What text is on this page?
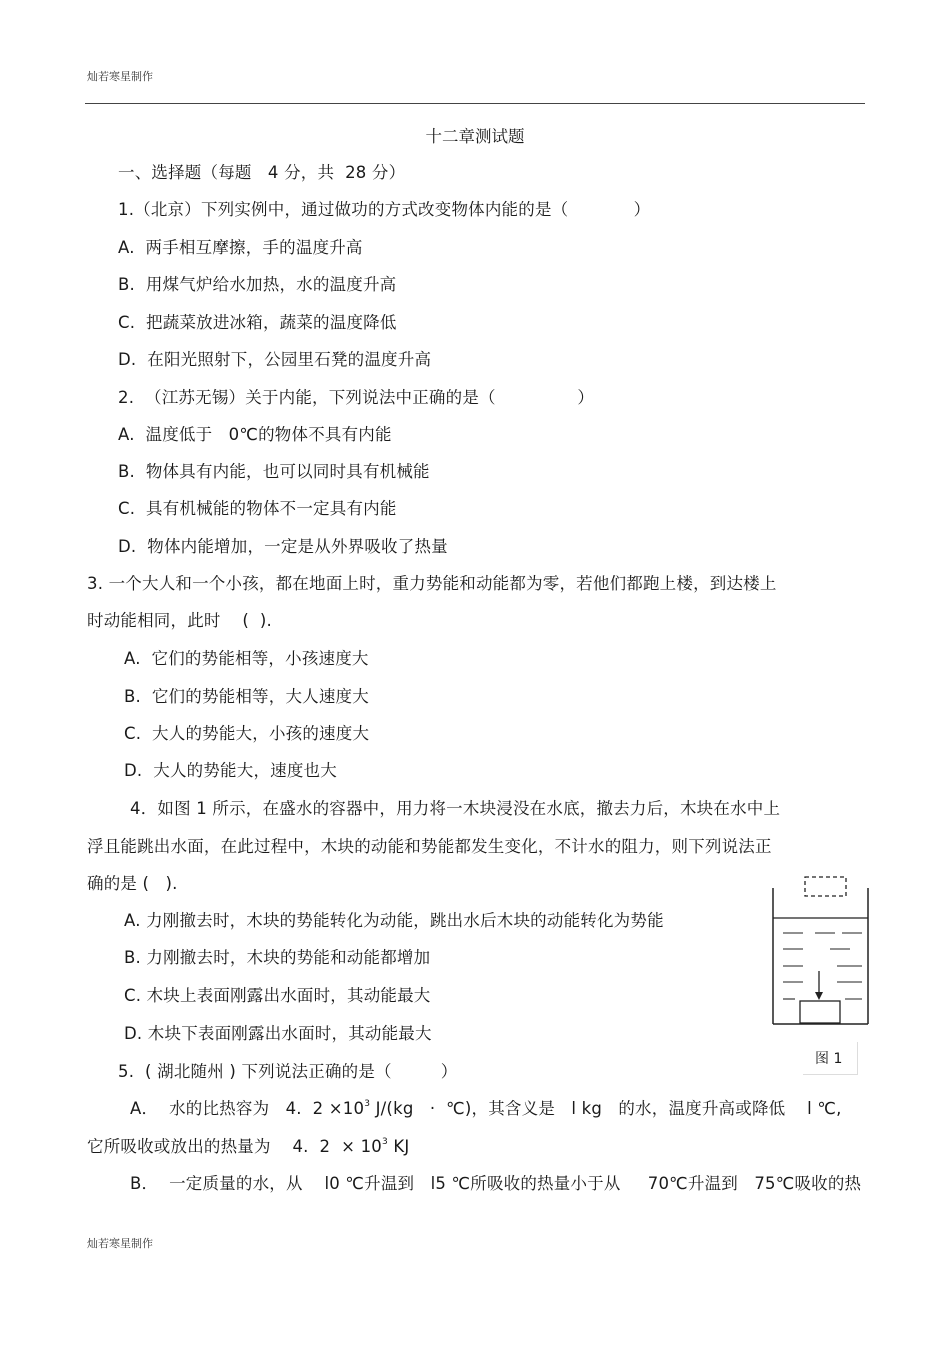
灿若寒星制作
十二章测试题
一、选择题（每题   4 分，共  28 分）
1.（北京）下列实例中，通过做功的方式改变物体内能的是（            ）
A.  两手相互摩擦，手的温度升高
B.  用煤气炉给水加热，水的温度升高
C.  把蔬菜放进冰箱，蔬菜的温度降低
D.  在阳光照射下，公园里石凳的温度升高
2.  （江苏无锡）关于内能，下列说法中正确的是（               ）
A.  温度低于   0℃的物体不具有内能
B.  物体具有内能，也可以同时具有机械能
C.  具有机械能的物体不一定具有内能
D.  物体内能增加，一定是从外界吸收了热量
3. 一个大人和一个小孩，都在地面上时，重力势能和动能都为零，若他们都跑上楼，到达楼上
时动能相同，此时    (  ).
A.  它们的势能相等，小孩速度大
B.  它们的势能相等，大人速度大
C.  大人的势能大，小孩的速度大
D.  大人的势能大，速度也大
4．如图 1 所示，在盛水的容器中，用力将一木块浸没在水底，撤去力后，木块在水中上
浮且能跳出水面，在此过程中，木块的动能和势能都发生变化，不计水的阻力，则下列说法正
确的是 (   ).
A. 力刚撤去时，木块的势能转化为动能，跳出水后木块的动能转化为势能
B. 力刚撤去时，木块的势能和动能都增加
C. 木块上表面刚露出水面时，其动能最大
D. 木块下表面刚露出水面时，其动能最大
图 1
5.  ( 湖北随州 ) 下列说法正确的是（         ）
A．  水的比热容为   4.  $2 \times 10^3$ J/(kg   ·  ℃)，其含义是   l kg   的水，温度升高或降低    l ℃,
它所吸收或放出的热量为    4.  $2 \times 10^3$ KJ
B．  一定质量的水，从    l0 ℃升温到   l5 ℃所吸收的热量小于从     70℃升温到   75℃吸收的热
灿若寒星制作
